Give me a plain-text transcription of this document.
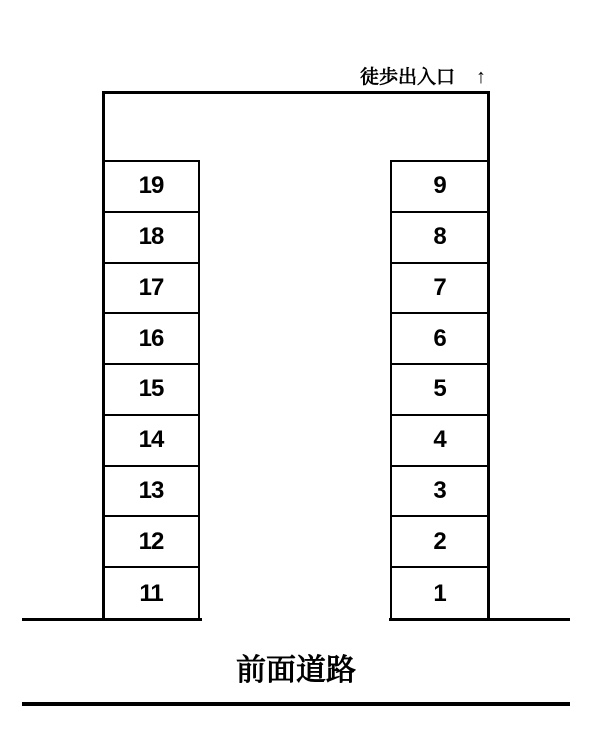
徒歩出入口 ↑
19
18
17
16
15
14
13
12
11
9
8
7
6
5
4
3
2
1
前面道路
